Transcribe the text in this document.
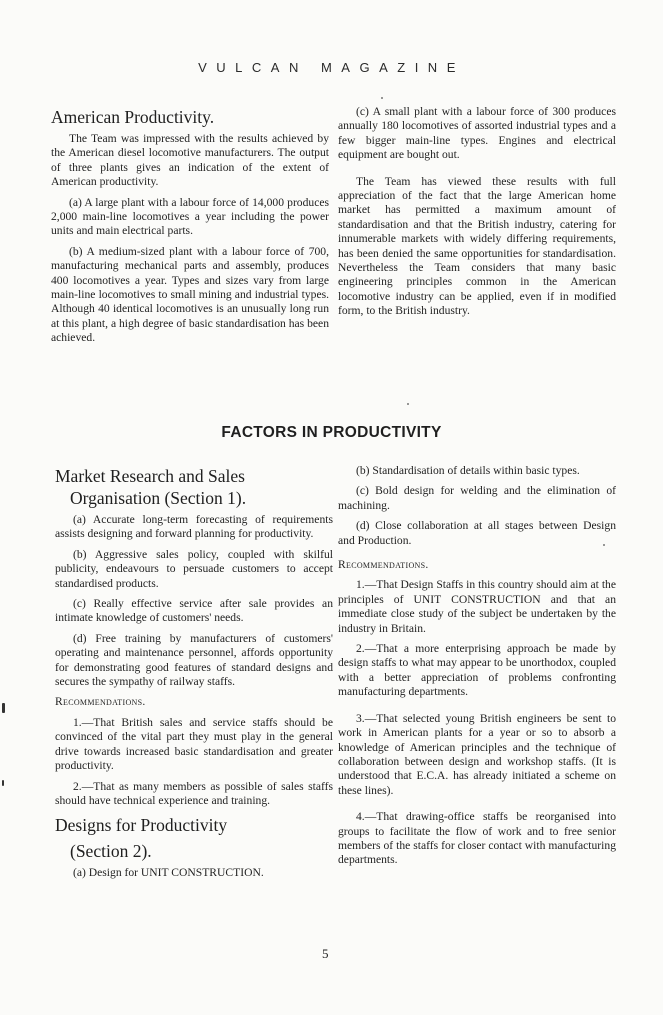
VULCAN MAGAZINE
American Productivity.

The Team was impressed with the results achieved by the American diesel locomotive manufacturers. The output of three plants gives an indication of the extent of American productivity.

(a) A large plant with a labour force of 14,000 produces 2,000 main-line locomotives a year including the power units and main electrical parts.

(b) A medium-sized plant with a labour force of 700, manufacturing mechanical parts and assembly, produces 400 locomotives a year. Types and sizes vary from large main-line locomotives to small mining and industrial types. Although 40 identical locomotives is an unusually long run at this plant, a high degree of basic standardisation has been achieved.

(c) A small plant with a labour force of 300 produces annually 180 locomotives of assorted industrial types and a few bigger main-line types. Engines and electrical equipment are bought out.

The Team has viewed these results with full appreciation of the fact that the large American home market has permitted a maximum amount of standardisation and that the British industry, catering for innumerable markets with widely differing requirements, has been denied the same opportunities for standardisation. Nevertheless the Team considers that many basic engineering principles common in the American locomotive industry can be applied, even if in modified form, to the British industry.

FACTORS IN PRODUCTIVITY
Market Research and Sales
Organisation (Section 1).

(a) Accurate long-term forecasting of requirements assists designing and forward planning for productivity.

(b) Aggressive sales policy, coupled with skilful publicity, endeavours to persuade customers to accept standardised products.

(c) Really effective service after sale provides an intimate knowledge of customers' needs.

(d) Free training by manufacturers of customers' operating and maintenance personnel, affords opportunity for demonstrating good features of standard designs and secures the sympathy of railway staffs.

Recommendations.

1.—That British sales and service staffs should be convinced of the vital part they must play in the general drive towards increased basic standardisation and greater productivity.

2.—That as many members as possible of sales staffs should have technical experience and training.

Designs for Productivity
(Section 2).

(a) Design for UNIT CONSTRUCTION.

(b) Standardisation of details within basic types.

(c) Bold design for welding and the elimination of machining.

(d) Close collaboration at all stages between Design and Production.

Recommendations.

1.—That Design Staffs in this country should aim at the principles of UNIT CONSTRUCTION and that an immediate close study of the subject be undertaken by the industry in Britain.

2.—That a more enterprising approach be made by design staffs to what may appear to be unorthodox, coupled with a better appreciation of problems confronting manufacturing departments.

3.—That selected young British engineers be sent to work in American plants for a year or so to absorb a knowledge of American principles and the technique of collaboration between design and workshop staffs. (It is understood that E.C.A. has already initiated a scheme on these lines).

4.—That drawing-office staffs be reorganised into groups to facilitate the flow of work and to free senior members of the staffs for closer contact with manufacturing departments.

5
